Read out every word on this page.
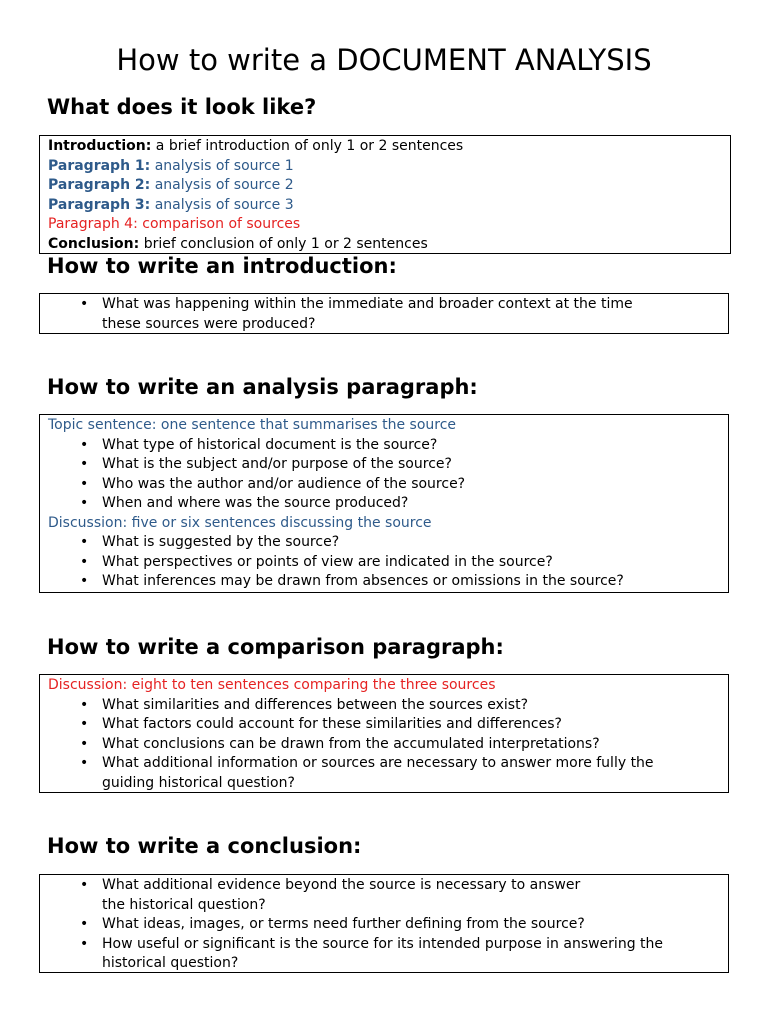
How to write a DOCUMENT ANALYSIS
What does it look like?
Introduction: a brief introduction of only 1 or 2 sentences
Paragraph 1: analysis of source 1
Paragraph 2: analysis of source 2
Paragraph 3: analysis of source 3
Paragraph 4: comparison of sources
Conclusion: brief conclusion of only 1 or 2 sentences
How to write an introduction:
• What was happening within the immediate and broader context at the time
these sources were produced?
How to write an analysis paragraph:
Topic sentence: one sentence that summarises the source
• What type of historical document is the source?
• What is the subject and/or purpose of the source?
• Who was the author and/or audience of the source?
• When and where was the source produced?
Discussion: five or six sentences discussing the source
• What is suggested by the source?
• What perspectives or points of view are indicated in the source?
• What inferences may be drawn from absences or omissions in the source?
How to write a comparison paragraph:
Discussion: eight to ten sentences comparing the three sources
• What similarities and differences between the sources exist?
• What factors could account for these similarities and differences?
• What conclusions can be drawn from the accumulated interpretations?
• What additional information or sources are necessary to answer more fully the
guiding historical question?
How to write a conclusion:
• What additional evidence beyond the source is necessary to answer
the historical question?
• What ideas, images, or terms need further defining from the source?
• How useful or significant is the source for its intended purpose in answering the
historical question?
